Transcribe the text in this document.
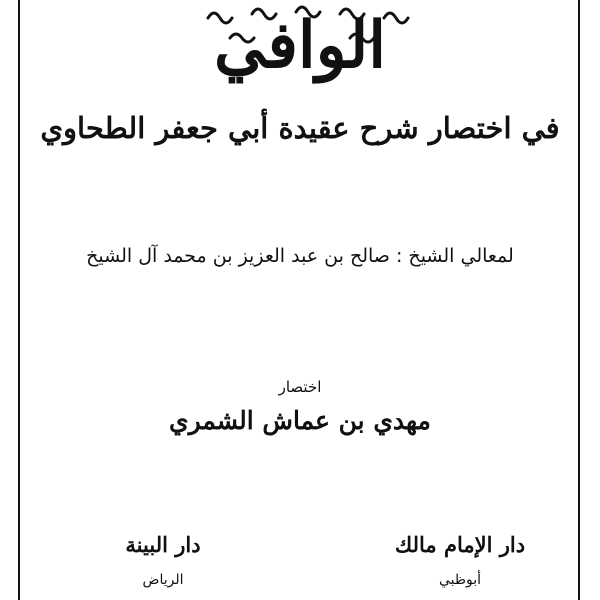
الوافي
في اختصار شرح عقيدة أبي جعفر الطحاوي
لمعالي الشيخ : صالح بن عبد العزيز بن محمد آل الشيخ
اختصار
مهدي بن عماش الشمري
دار الإمام مالك
أبوظبي
دار البينة
الرياض
